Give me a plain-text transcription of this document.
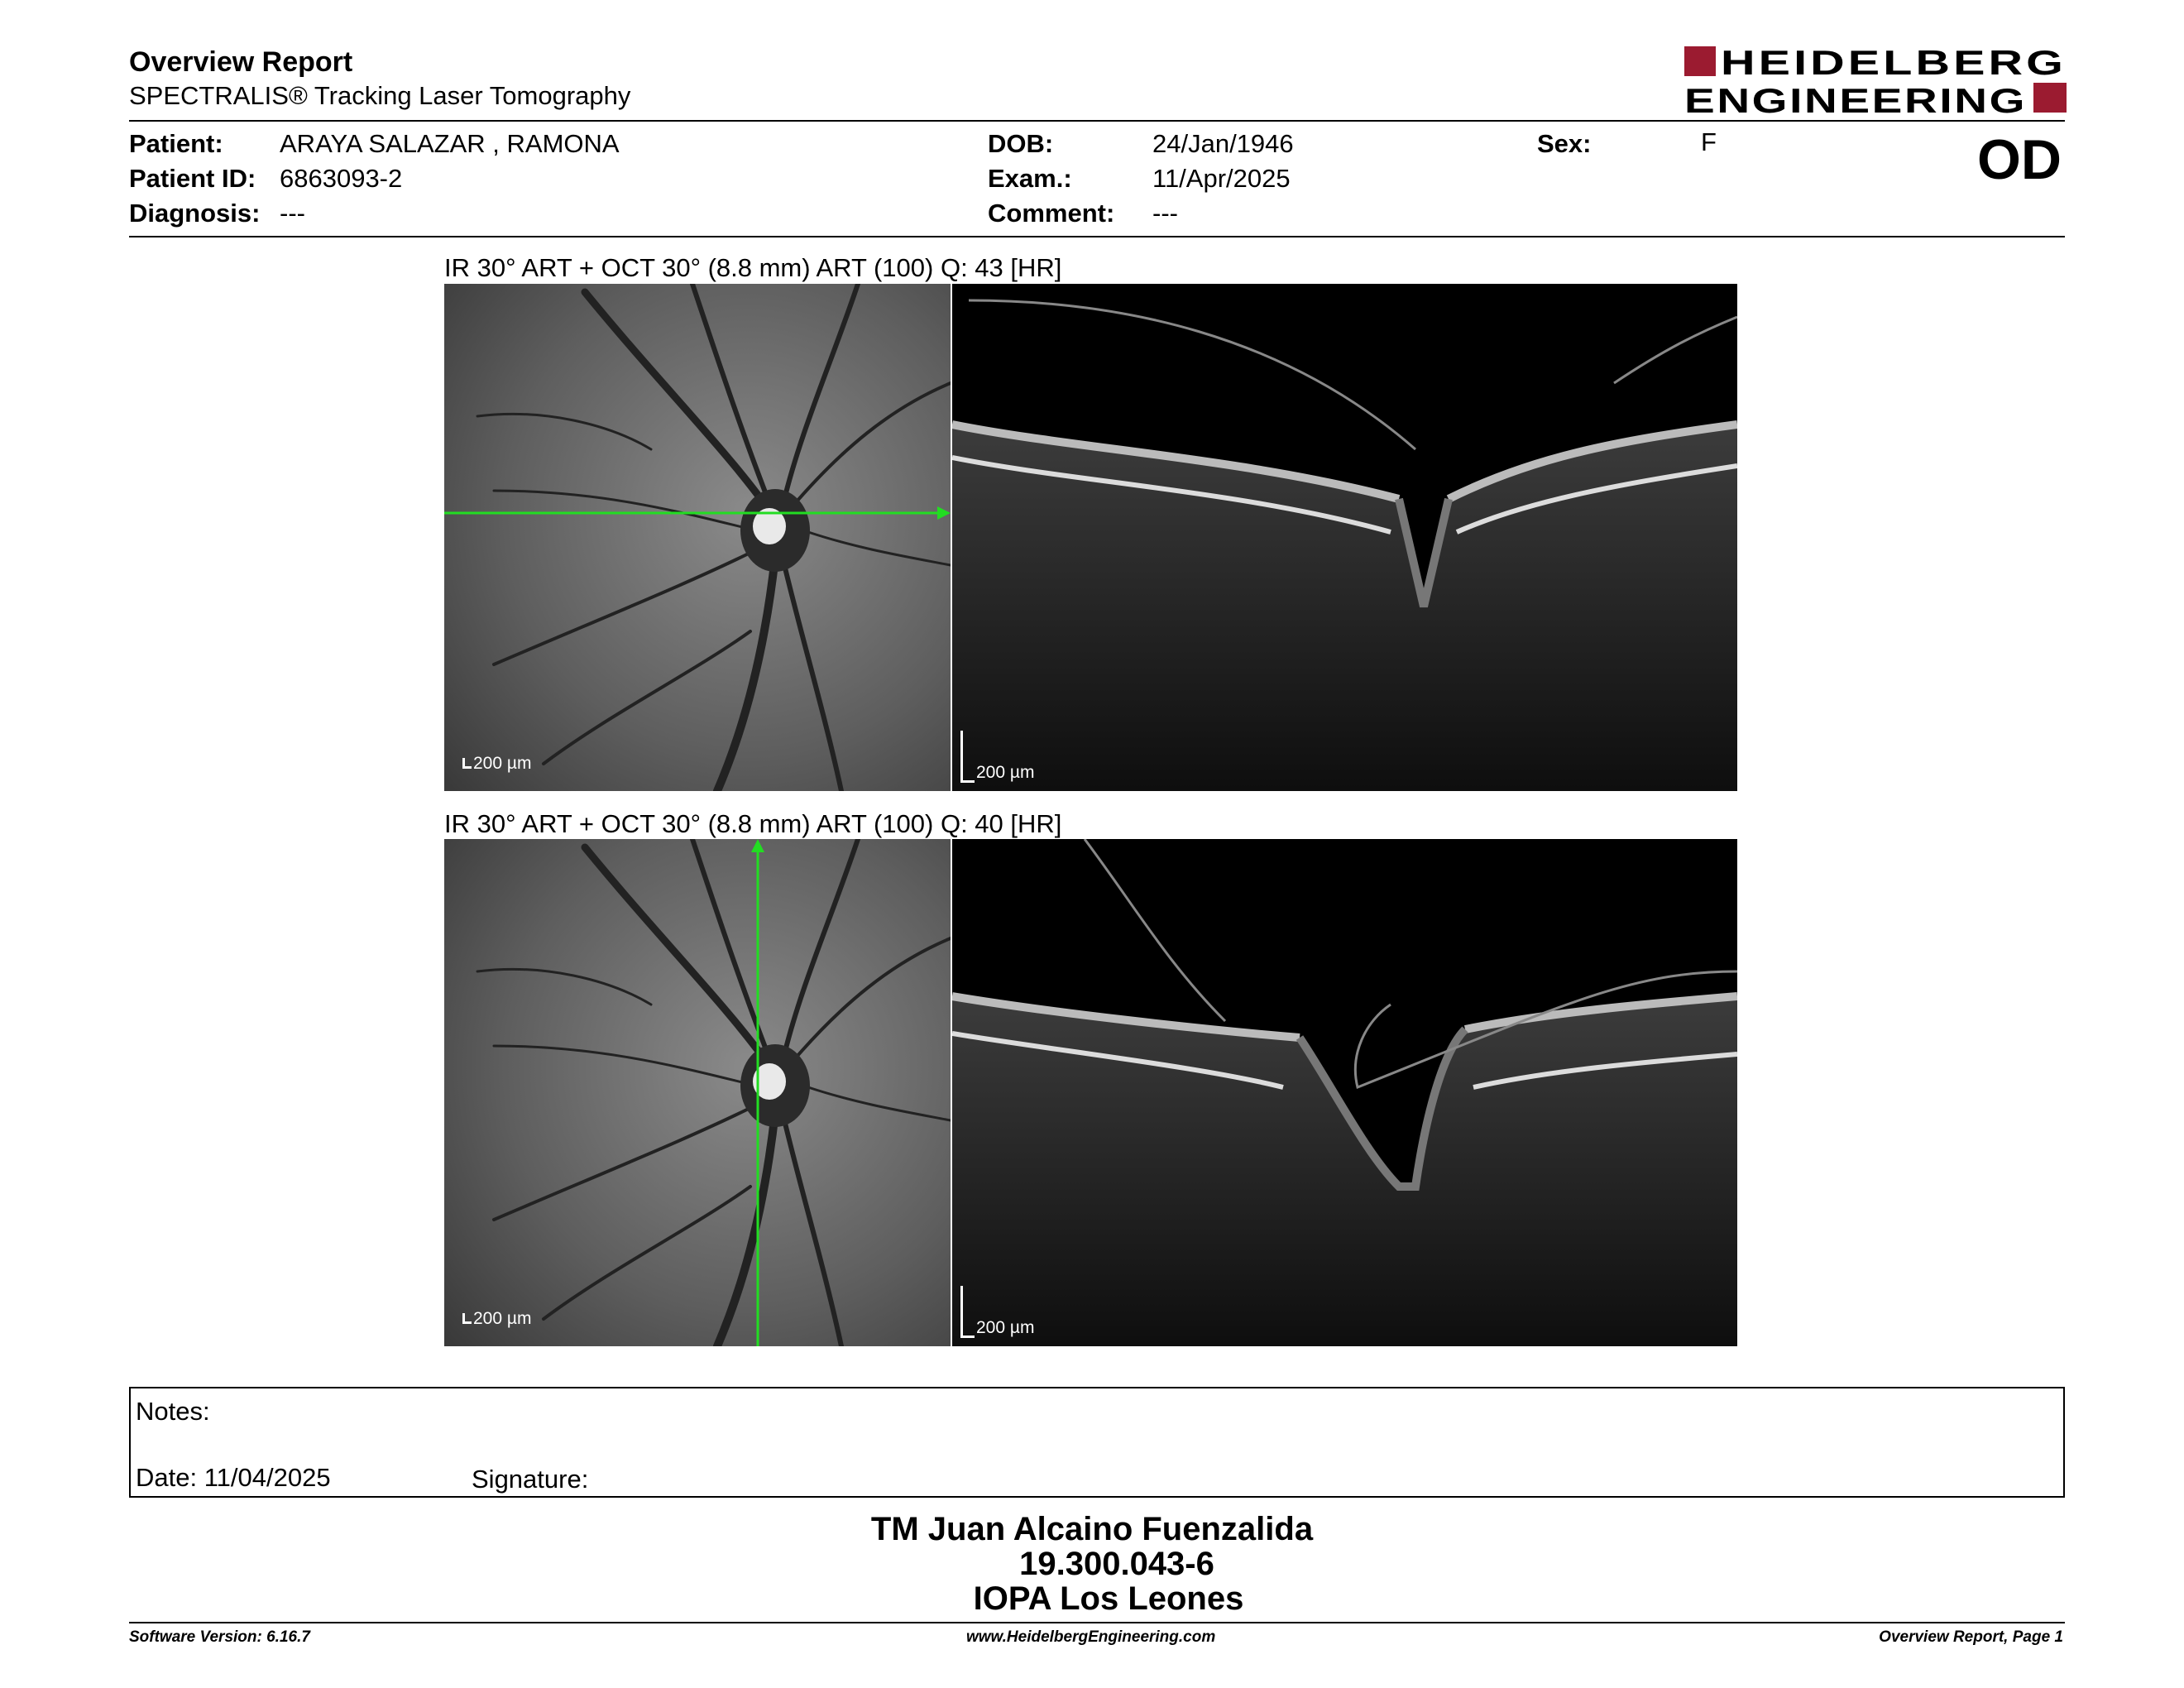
Overview Report
SPECTRALIS® Tracking Laser Tomography
HEIDELBERG
ENGINEERING
Patient: ARAYA SALAZAR , RAMONA
Patient ID: 6863093-2
Diagnosis: ---
DOB:	24/Jan/1946
Exam.:	11/Apr/2025
Comment: ---
Sex:	F	OD
IR 30° ART + OCT 30° (8.8 mm) ART (100) Q: 43 [HR]
200 µm	200 µm
IR 30° ART + OCT 30° (8.8 mm) ART (100) Q: 40 [HR]
200 µm	200 µm
Notes:
Date: 11/04/2025	Signature:
TM Juan Alcaino Fuenzalida
19.300.043-6
IOPA Los Leones
Software Version: 6.16.7	www.HeidelbergEngineering.com	Overview Report, Page 1
